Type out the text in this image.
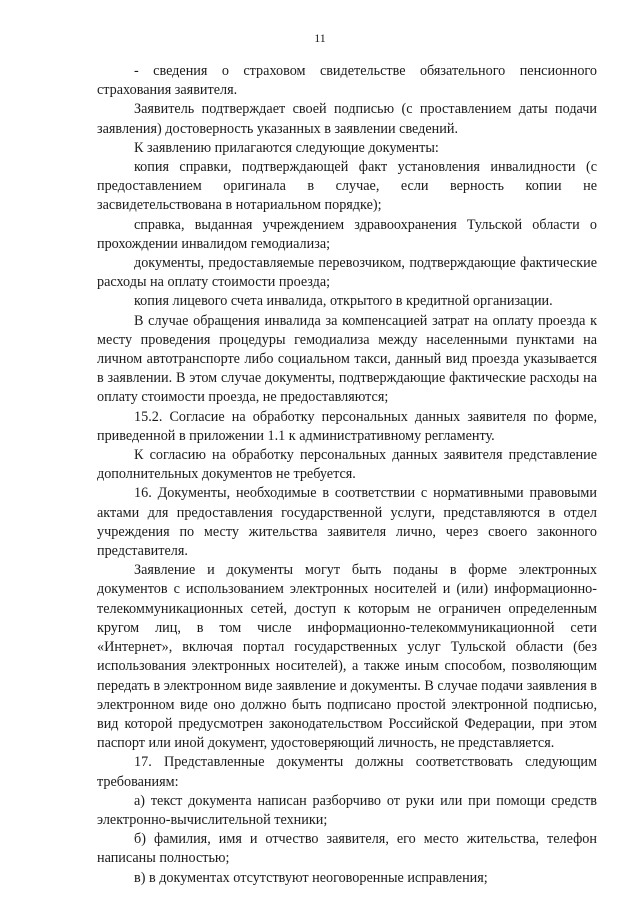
11

- сведения о страховом свидетельстве обязательного пенсионного страхования заявителя.

Заявитель подтверждает своей подписью (с проставлением даты подачи заявления) достоверность указанных в заявлении сведений.

К заявлению прилагаются следующие документы:

копия справки, подтверждающей факт установления инвалидности (с предоставлением оригинала в случае, если верность копии не засвидетельствована в нотариальном порядке);

справка, выданная учреждением здравоохранения Тульской области о прохождении инвалидом гемодиализа;

документы, предоставляемые перевозчиком, подтверждающие фактические расходы на оплату стоимости проезда;

копия лицевого счета инвалида, открытого в кредитной организации.

В случае обращения инвалида за компенсацией затрат на оплату проезда к месту проведения процедуры гемодиализа между населенными пунктами на личном автотранспорте либо социальном такси, данный вид проезда указывается в заявлении. В этом случае документы, подтверждающие фактические расходы на оплату стоимости проезда, не предоставляются;

15.2. Согласие на обработку персональных данных заявителя по форме, приведенной в приложении 1.1 к административному регламенту.

К согласию на обработку персональных данных заявителя представление дополнительных документов не требуется.

16. Документы, необходимые в соответствии с нормативными правовыми актами для предоставления государственной услуги, представляются в отдел учреждения по месту жительства заявителя лично, через своего законного представителя.

Заявление и документы могут быть поданы в форме электронных документов с использованием электронных носителей и (или) информационно-телекоммуникационных сетей, доступ к которым не ограничен определенным кругом лиц, в том числе информационно-телекоммуникационной сети «Интернет», включая портал государственных услуг Тульской области (без использования электронных носителей), а также иным способом, позволяющим передать в электронном виде заявление и документы. В случае подачи заявления в электронном виде оно должно быть подписано простой электронной подписью, вид которой предусмотрен законодательством Российской Федерации, при этом паспорт или иной документ, удостоверяющий личность, не представляется.

17. Представленные документы должны соответствовать следующим требованиям:

а) текст документа написан разборчиво от руки или при помощи средств электронно-вычислительной техники;

б) фамилия, имя и отчество заявителя, его место жительства, телефон написаны полностью;

в) в документах отсутствуют неоговоренные исправления;
